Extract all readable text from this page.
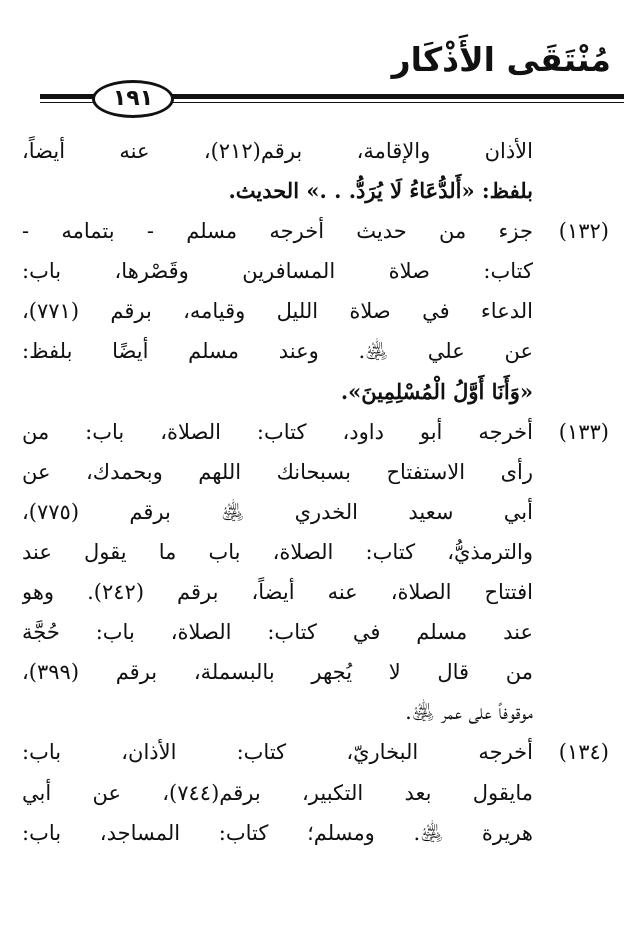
مُنْتَقَى الأَذْكَار
١٩١
الأذان والإقامة، برقم(٢١٢)، عنه أيضاً،
بلفظ: «أَلدُّعَاءُ لَا يُرَدُّ. . .» الحديث.
(١٣٢)
جزء من حديث أخرجه مسلم - بتمامه -
كتاب: صلاة المسافرين وقَصْرها، باب:
الدعاء في صلاة الليل وقيامه، برقم (٧٧١)،
عن علي ﵁. وعند مسلم أيضًا بلفظ:
«وَأَنَا أَوَّلُ الْمُسْلِمِينَ».
(١٣٣)
أخرجه أبو داود، كتاب: الصلاة، باب: من
رأى الاستفتاح بسبحانك اللهم وبحمدك، عن
أبي سعيد الخدري ﵁ برقم (٧٧٥)،
والترمذيُّ، كتاب: الصلاة، باب ما يقول عند
افتتاح الصلاة، عنه أيضاً، برقم (٢٤٢). وهو
عند مسلم في كتاب: الصلاة، باب: حُجَّة
من قال لا يُجهر بالبسملة، برقم (٣٩٩)،
موقوفاً على عمر ﵁.
(١٣٤)
أخرجه البخاريّ، كتاب: الأذان، باب:
مايقول بعد التكبير، برقم(٧٤٤)، عن أبي
هريرة ﵁. ومسلم؛ كتاب: المساجد، باب:
